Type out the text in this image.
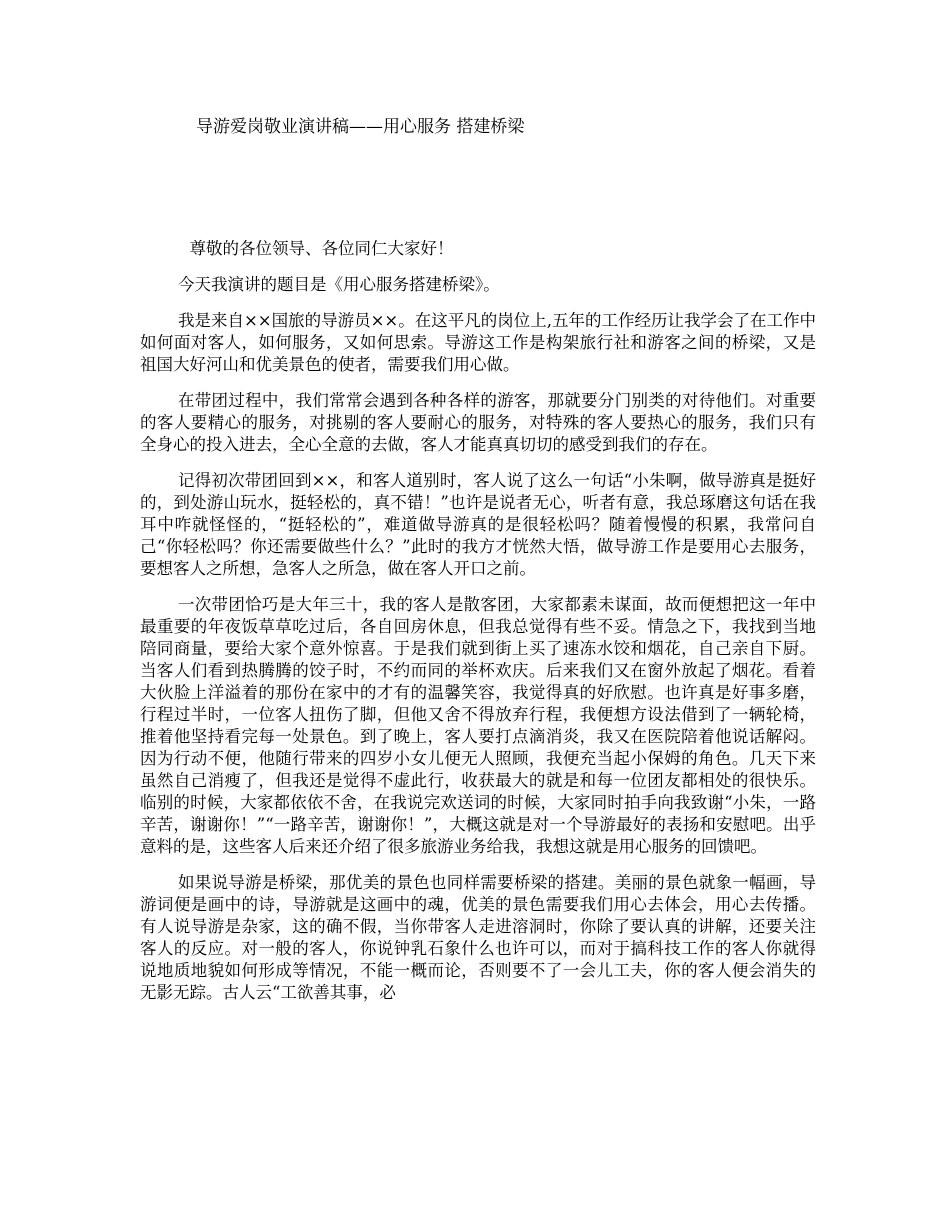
导游爱岗敬业演讲稿——用心服务 搭建桥梁

尊敬的各位领导、各位同仁大家好！

今天我演讲的题目是《用心服务搭建桥梁》。

我是来自××国旅的导游员××。在这平凡的岗位上,五年的工作经历让我学会了在工作中如何面对客人，如何服务，又如何思索。导游这工作是构架旅行社和游客之间的桥梁，又是祖国大好河山和优美景色的使者，需要我们用心做。

在带团过程中，我们常常会遇到各种各样的游客，那就要分门别类的对待他们。对重要的客人要精心的服务，对挑剔的客人要耐心的服务，对特殊的客人要热心的服务，我们只有全身心的投入进去，全心全意的去做，客人才能真真切切的感受到我们的存在。

记得初次带团回到××，和客人道别时，客人说了这么一句话“小朱啊，做导游真是挺好的，到处游山玩水，挺轻松的，真不错！”也许是说者无心，听者有意，我总琢磨这句话在我耳中咋就怪怪的，“挺轻松的”，难道做导游真的是很轻松吗？随着慢慢的积累，我常问自己“你轻松吗？你还需要做些什么？”此时的我方才恍然大悟，做导游工作是要用心去服务，要想客人之所想，急客人之所急，做在客人开口之前。

一次带团恰巧是大年三十，我的客人是散客团，大家都素未谋面，故而便想把这一年中最重要的年夜饭草草吃过后，各自回房休息，但我总觉得有些不妥。情急之下，我找到当地陪同商量，要给大家个意外惊喜。于是我们就到街上买了速冻水饺和烟花，自己亲自下厨。当客人们看到热腾腾的饺子时，不约而同的举杯欢庆。后来我们又在窗外放起了烟花。看着大伙脸上洋溢着的那份在家中的才有的温馨笑容，我觉得真的好欣慰。也许真是好事多磨，行程过半时，一位客人扭伤了脚，但他又舍不得放弃行程，我便想方设法借到了一辆轮椅，推着他坚持看完每一处景色。到了晚上，客人要打点滴消炎，我又在医院陪着他说话解闷。因为行动不便，他随行带来的四岁小女儿便无人照顾，我便充当起小保姆的角色。几天下来虽然自己消瘦了，但我还是觉得不虚此行，收获最大的就是和每一位团友都相处的很快乐。临别的时候，大家都依依不舍，在我说完欢送词的时候，大家同时拍手向我致谢“小朱，一路辛苦，谢谢你！”“一路辛苦，谢谢你！”，大概这就是对一个导游最好的表扬和安慰吧。出乎意料的是，这些客人后来还介绍了很多旅游业务给我，我想这就是用心服务的回馈吧。

如果说导游是桥梁，那优美的景色也同样需要桥梁的搭建。美丽的景色就象一幅画，导游词便是画中的诗，导游就是这画中的魂，优美的景色需要我们用心去体会，用心去传播。有人说导游是杂家，这的确不假，当你带客人走进溶洞时，你除了要认真的讲解，还要关注客人的反应。对一般的客人，你说钟乳石象什么也许可以，而对于搞科技工作的客人你就得说地质地貌如何形成等情况，不能一概而论，否则要不了一会儿工夫，你的客人便会消失的无影无踪。古人云“工欲善其事，必
